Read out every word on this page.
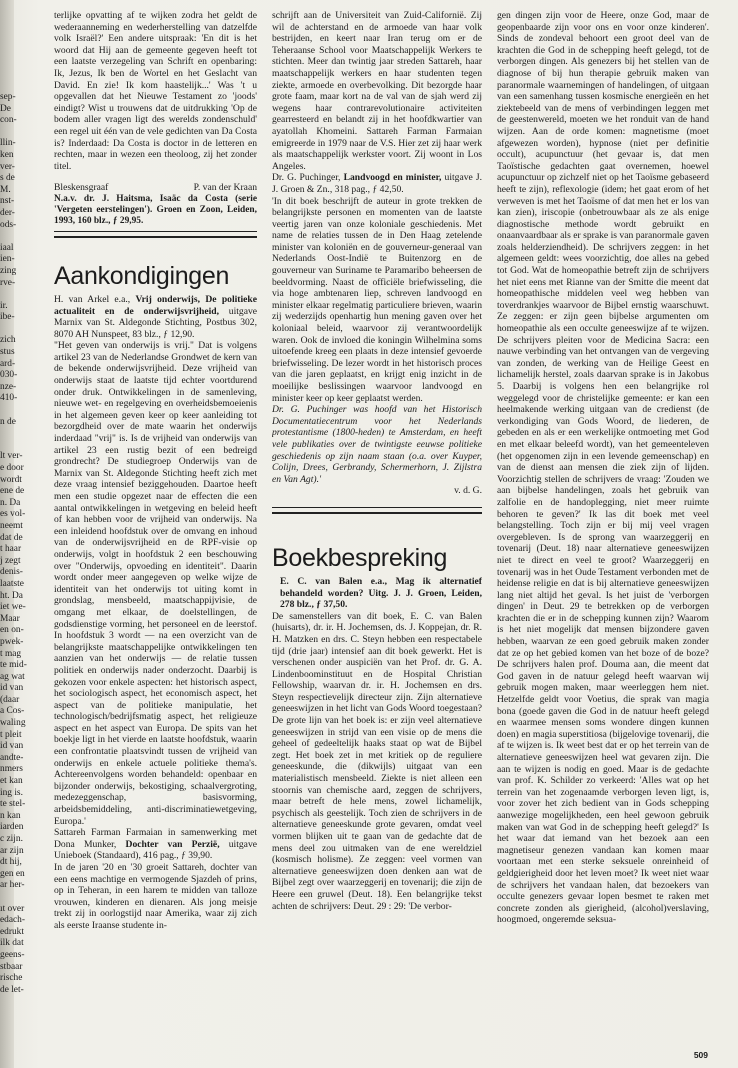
sep-
De
con-

llin-
ken
ver-
s de
M.
nst-
der-
ods-

iaal
ien-
zing
rve-

ir.
ibe-

zich
stus
ard-
030-
nze-
410-

n de

lt ver-
e door
wordt
ene de
n. Da
es vol-
neemt
dat de
t haar
j zegt
denis-
laatste
ht. Da
iet we-
Maar
en on-
pwek-
t mag
te mid-
ag wat
id van
(daar
a Cos-
waling
t pleit
id van
andte-
nmers
et kan
ing is.
te stel-
n kan
iarden
c zijn.
ar zijn
dt hij,
gen en
ar her-

ıt over
edach-
edrukt
ilk dat
geens-
stbaar
rische
de let-

terlijke opvatting af te wijken zodra het geldt de wederaanneming en wederherstelling van datzelfde volk Israël?' Een andere uitspraak: 'En dit is het woord dat Hij aan de gemeente gegeven heeft tot een laatste verzegeling van Schrift en openbaring: Ik, Jezus, Ik ben de Wortel en het Geslacht van David. En zie! Ik kom haastelijk...' Was 't u opgevallen dat het Nieuwe Testament zo 'joods' eindigt? Wist u trouwens dat de uitdrukking 'Op de bodem aller vragen ligt des werelds zondenschuld' een regel uit één van de vele gedichten van Da Costa is? Inderdaad: Da Costa is doctor in de letteren en rechten, maar in wezen een theoloog, zij het zonder titel.

Bleskensgraaf	P. van der Kraan

N.a.v. dr. J. Haitsma, Isaäc da Costa (serie 'Vergeten eerstelingen'). Groen en Zoon, Leiden, 1993, 160 blz., ƒ 29,95.

Aankondigingen

H. van Arkel e.a., Vrij onderwijs, De politieke actualiteit en de onderwijsvrijheid, uitgave Marnix van St. Aldegonde Stichting, Postbus 302, 8070 AH Nunspeet, 83 blz., ƒ 12,90.

"Het geven van onderwijs is vrij." Dat is volgens artikel 23 van de Nederlandse Grondwet de kern van de bekende onderwijsvrijheid. Deze vrijheid van onderwijs staat de laatste tijd echter voortdurend onder druk. Ontwikkelingen in de samenleving, nieuwe wet- en regelgeving en overheidsbemoeienis in het algemeen geven keer op keer aanleiding tot bezorgdheid over de mate waarin het onderwijs inderdaad "vrij" is. Is de vrijheid van onderwijs van artikel 23 een rustig bezit of een bedreigd grondrecht? De studiegroep Onderwijs van de Marnix van St. Aldegonde Stichting heeft zich met deze vraag intensief beziggehouden. Daartoe heeft men een studie opgezet naar de effecten die een aantal ontwikkelingen in wetgeving en beleid heeft of kan hebben voor de vrijheid van onderwijs. Na een inleidend hoofdstuk over de omvang en inhoud van de onderwijsvrijheid en de RPF-visie op onderwijs, volgt in hoofdstuk 2 een beschouwing over "Onderwijs, opvoeding en identiteit". Daarin wordt onder meer aangegeven op welke wijze de identiteit van het onderwijs tot uiting komt in grondslag, mensbeeld, maatschappijvisie, de omgang met elkaar, de doelstellingen, de godsdienstige vorming, het personeel en de leerstof. In hoofdstuk 3 wordt — na een overzicht van de belangrijkste maatschappelijke ontwikkelingen ten aanzien van het onderwijs — de relatie tussen politiek en onderwijs nader onderzocht. Daarbij is gekozen voor enkele aspecten: het historisch aspect, het sociologisch aspect, het economisch aspect, het aspect van de politieke manipulatie, het technologisch/bedrijfsmatig aspect, het religieuze aspect en het aspect van Europa. De spits van het boekje ligt in het vierde en laatste hoofdstuk, waarin een confrontatie plaatsvindt tussen de vrijheid van onderwijs en enkele actuele politieke thema's. Achtereenvolgens worden behandeld: openbaar en bijzonder onderwijs, bekostiging, schaalvergroting, medezeggenschap, basisvorming, arbeidsbemiddeling, anti-discriminatiewetgeving, Europa.'

Sattareh Farman Farmaian in samenwerking met Dona Munker, Dochter van Perzië, uitgave Unieboek (Standaard), 416 pag., ƒ 39,90.

In de jaren '20 en '30 groeit Sattareh, dochter van een eens machtige en vermogende Sjazdeh of prins, op in Teheran, in een harem te midden van talloze vrouwen, kinderen en dienaren. Als jong meisje trekt zij in oorlogstijd naar Amerika, waar zij zich als eerste Iraanse studente in-

schrijft aan de Universiteit van Zuid-Californië. Zij wil de achterstand en de armoede van haar volk bestrijden, en keert naar Iran terug om er de Teheraanse School voor Maatschappelijk Werkers te stichten. Meer dan twintig jaar streden Sattareh, haar maatschappelijk werkers en haar studenten tegen ziekte, armoede en overbevolking. Dit bezorgde haar grote faam, maar kort na de val van de sjah werd zij wegens haar contrarevolutionaire activiteiten gearresteerd en belandt zij in het hoofdkwartier van ayatollah Khomeini. Sattareh Farman Farmaian emigreerde in 1979 naar de V.S. Hier zet zij haar werk als maatschappelijk werkster voort. Zij woont in Los Angeles.

Dr. G. Puchinger, Landvoogd en minister, uitgave J. J. Groen & Zn., 318 pag., ƒ 42,50.

'In dit boek beschrijft de auteur in grote trekken de belangrijkste personen en momenten van de laatste veertig jaren van onze koloniale geschiedenis. Met name de relaties tussen de in Den Haag zetelende minister van koloniën en de gouverneur-generaal van Nederlands Oost-Indië te Buitenzorg en de gouverneur van Suriname te Paramaribo beheersen de beeldvorming. Naast de officiële briefwisseling, die via hoge ambtenaren liep, schreven landvoogd en minister elkaar regelmatig particuliere brieven, waarin zij wederzijds openhartig hun mening gaven over het koloniaal beleid, waarvoor zij verantwoordelijk waren. Ook de invloed die koningin Wilhelmina soms uitoefende kreeg een plaats in deze intensief gevoerde briefwisseling. De lezer wordt in het historisch proces van die jaren geplaatst, en krijgt enig inzicht in de moeilijke beslissingen waarvoor landvoogd en minister keer op keer geplaatst werden.

Dr. G. Puchinger was hoofd van het Historisch Documentatiecentrum voor het Nederlands protestantisme (1800-heden) te Amsterdam, en heeft vele publikaties over de twintigste eeuwse politieke geschiedenis op zijn naam staan (o.a. over Kuyper, Colijn, Drees, Gerbrandy, Schermerhorn, J. Zijlstra en Van Agt).'

v. d. G.

Boekbespreking

E. C. van Balen e.a., Mag ik alternatief behandeld worden? Uitg. J. J. Groen, Leiden, 278 blz., ƒ 37,50.

De samenstellers van dit boek, E. C. van Balen (huisarts), dr. ir. H. Jochemsen, ds. J. Koppejan, dr. R. H. Matzken en drs. C. Steyn hebben een respectabele tijd (drie jaar) intensief aan dit boek gewerkt. Het is verschenen onder auspiciën van het Prof. dr. G. A. Lindenboominstituut en de Hospital Christian Fellowship, waarvan dr. ir. H. Jochemsen en drs. Steyn respectievelijk directeur zijn. Zijn alternatieve geneeswijzen in het licht van Gods Woord toegestaan? De grote lijn van het boek is: er zijn veel alternatieve geneeswijzen in strijd van een visie op de mens die geheel of gedeeltelijk haaks staat op wat de Bijbel zegt. Het boek zet in met kritiek op de reguliere geneeskunde, die (dikwijls) uitgaat van een materialistisch mensbeeld. Ziekte is niet alleen een stoornis van chemische aard, zeggen de schrijvers, maar betreft de hele mens, zowel lichamelijk, psychisch als geestelijk. Toch zien de schrijvers in de alternatieve geneeskunde grote gevaren, omdat veel vormen blijken uit te gaan van de gedachte dat de mens deel zou uitmaken van de ene wereldziel (kosmisch holisme). Ze zeggen: veel vormen van alternatieve geneeswijzen doen denken aan wat de Bijbel zegt over waarzeggerij en tovenarij; die zijn de Heere een gruwel (Deut. 18). Een belangrijke tekst achten de schrijvers: Deut. 29 : 29: 'De verbor-

gen dingen zijn voor de Heere, onze God, maar de geopenbaarde zijn voor ons en voor onze kinderen'. Sinds de zondeval behoort een groot deel van de krachten die God in de schepping heeft gelegd, tot de verborgen dingen. Als genezers bij het stellen van de diagnose of bij hun therapie gebruik maken van paranormale waarnemingen of handelingen, of uitgaan van een samenhang tussen kosmische energieën en het ziektebeeld van de mens of verbindingen leggen met de geestenwereld, moeten we het ronduit van de hand wijzen. Aan de orde komen: magnetisme (moet afgewezen worden), hypnose (niet per definitie occult), acupunctuur (het gevaar is, dat men Taoïstische gedachten gaat overnemen, hoewel acupunctuur op zichzelf niet op het Taoïsme gebaseerd heeft te zijn), reflexologie (idem; het gaat erom of het verweven is met het Taoïsme of dat men het er los van kan zien), iriscopie (onbetrouwbaar als ze als enige diagnostische methode wordt gebruikt en onaanvaardbaar als er sprake is van paranormale gaven zoals helderziendheid). De schrijvers zeggen: in het algemeen geldt: wees voorzichtig, doe alles na gebed tot God. Wat de homeopathie betreft zijn de schrijvers het niet eens met Rianne van der Smitte die meent dat homeopathische middelen veel weg hebben van toverdrankjes waarvoor de Bijbel ernstig waarschuwt. Ze zeggen: er zijn geen bijbelse argumenten om homeopathie als een occulte geneeswijze af te wijzen. De schrijvers pleiten voor de Medicina Sacra: een nauwe verbinding van het ontvangen van de vergeving van zonden, de werking van de Heilige Geest en lichamelijk herstel, zoals daarvan sprake is in Jakobus 5. Daarbij is volgens hen een belangrijke rol weggelegd voor de christelijke gemeente: er kan een heelmakende werking uitgaan van de credienst (de verkondiging van Gods Woord, de liederen, de gebeden en als er een werkelijke ontmoeting met God en met elkaar beleefd wordt), van het gemeenteleven (het opgenomen zijn in een levende gemeenschap) en van de dienst aan mensen die ziek zijn of lijden. Voorzichtig stellen de schrijvers de vraag: 'Zouden we aan bijbelse handelingen, zoals het gebruik van zalfolie en de handoplegging, niet meer ruimte behoren te geven?' Ik las dit boek met veel belangstelling. Toch zijn er bij mij veel vragen overgebleven. Is de sprong van waarzeggerij en tovenarij (Deut. 18) naar alternatieve geneeswijzen niet te direct en veel te groot? Waarzeggerij en tovenarij was in het Oude Testament verbonden met de heidense religie en dat is bij alternatieve geneeswijzen lang niet altijd het geval. Is het juist de 'verborgen dingen' in Deut. 29 te betrekken op de verborgen krachten die er in de schepping kunnen zijn? Waarom is het niet mogelijk dat mensen bijzondere gaven hebben, waarvan ze een goed gebruik maken zonder dat ze op het gebied komen van het boze of de boze? De schrijvers halen prof. Douma aan, die meent dat God gaven in de natuur gelegd heeft waarvan wij gebruik mogen maken, maar weerleggen hem niet. Hetzelfde geldt voor Voetius, die sprak van magia bona (goede gaven die God in de natuur heeft gelegd en waarmee mensen soms wondere dingen kunnen doen) en magia superstitiosa (bijgelovige tovenarij, die af te wijzen is. Ik weet best dat er op het terrein van de alternatieve geneeswijzen heel wat gevaren zijn. Die aan te wijzen is nodig en goed. Maar is de gedachte van prof. K. Schilder zo verkeerd: 'Alles wat op het terrein van het zogenaamde verborgen leven ligt, is, voor zover het zich bedient van in Gods schepping aanwezige mogelijkheden, een heel gewoon gebruik maken van wat God in de schepping heeft gelegd?' Is het waar dat iemand van het bezoek aan een magnetiseur genezen vandaan kan komen maar voortaan met een sterke seksuele onreinheid of geldgierigheid door het leven moet? Ik weet niet waar de schrijvers het vandaan halen, dat bezoekers van occulte genezers gevaar lopen besmet te raken met concrete zonden als gierigheid, (alcohol)verslaving, hoogmoed, ongeremde seksua-

509
